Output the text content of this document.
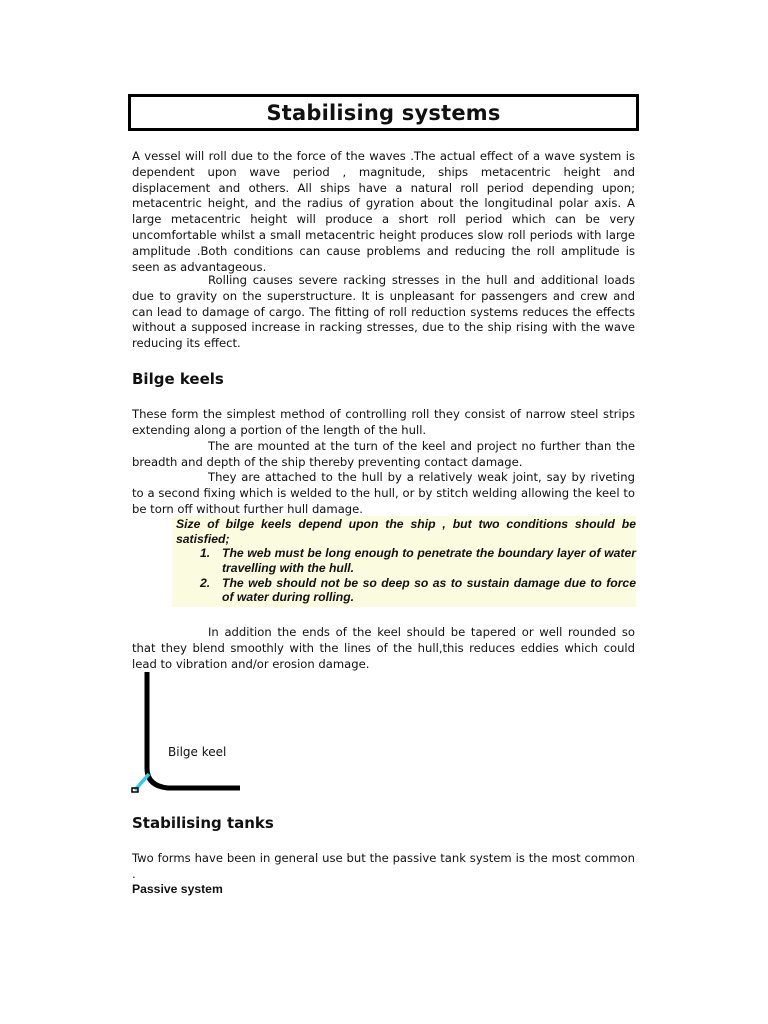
Stabilising systems

A vessel will roll due to the force of the waves .The actual effect of a wave system is dependent upon wave period , magnitude, ships metacentric height and displacement and others. All ships have a natural roll period depending upon; metacentric height, and the radius of gyration about the longitudinal polar axis. A large metacentric height will produce a short roll period which can be very uncomfortable whilst a small metacentric height produces slow roll periods with large amplitude .Both conditions can cause problems and reducing the roll amplitude is seen as advantageous.

Rolling causes severe racking stresses in the hull and additional loads due to gravity on the superstructure. It is unpleasant for passengers and crew and can lead to damage of cargo. The fitting of roll reduction systems reduces the effects without a supposed increase in racking stresses, due to the ship rising with the wave reducing its effect.

Bilge keels

These form the simplest method of controlling roll they consist of narrow steel strips extending along a portion of the length of the hull.

The are mounted at the turn of the keel and project no further than the breadth and depth of the ship thereby preventing contact damage.

They are attached to the hull by a relatively weak joint, say by riveting to a second fixing which is welded to the hull, or by stitch welding allowing the keel to be torn off without further hull damage.

Size of bilge keels depend upon the ship , but two conditions should be satisfied;

1. The web must be long enough to penetrate the boundary layer of water travelling with the hull.
2. The web should not be so deep so as to sustain damage due to force of water during rolling.

In addition the ends of the keel should be tapered or well rounded so that they blend smoothly with the lines of the hull,this reduces eddies which could lead to vibration and/or erosion damage.

Bilge keel
Stabilising tanks

Two forms have been in general use but the passive tank system is the most common .

Passive system
